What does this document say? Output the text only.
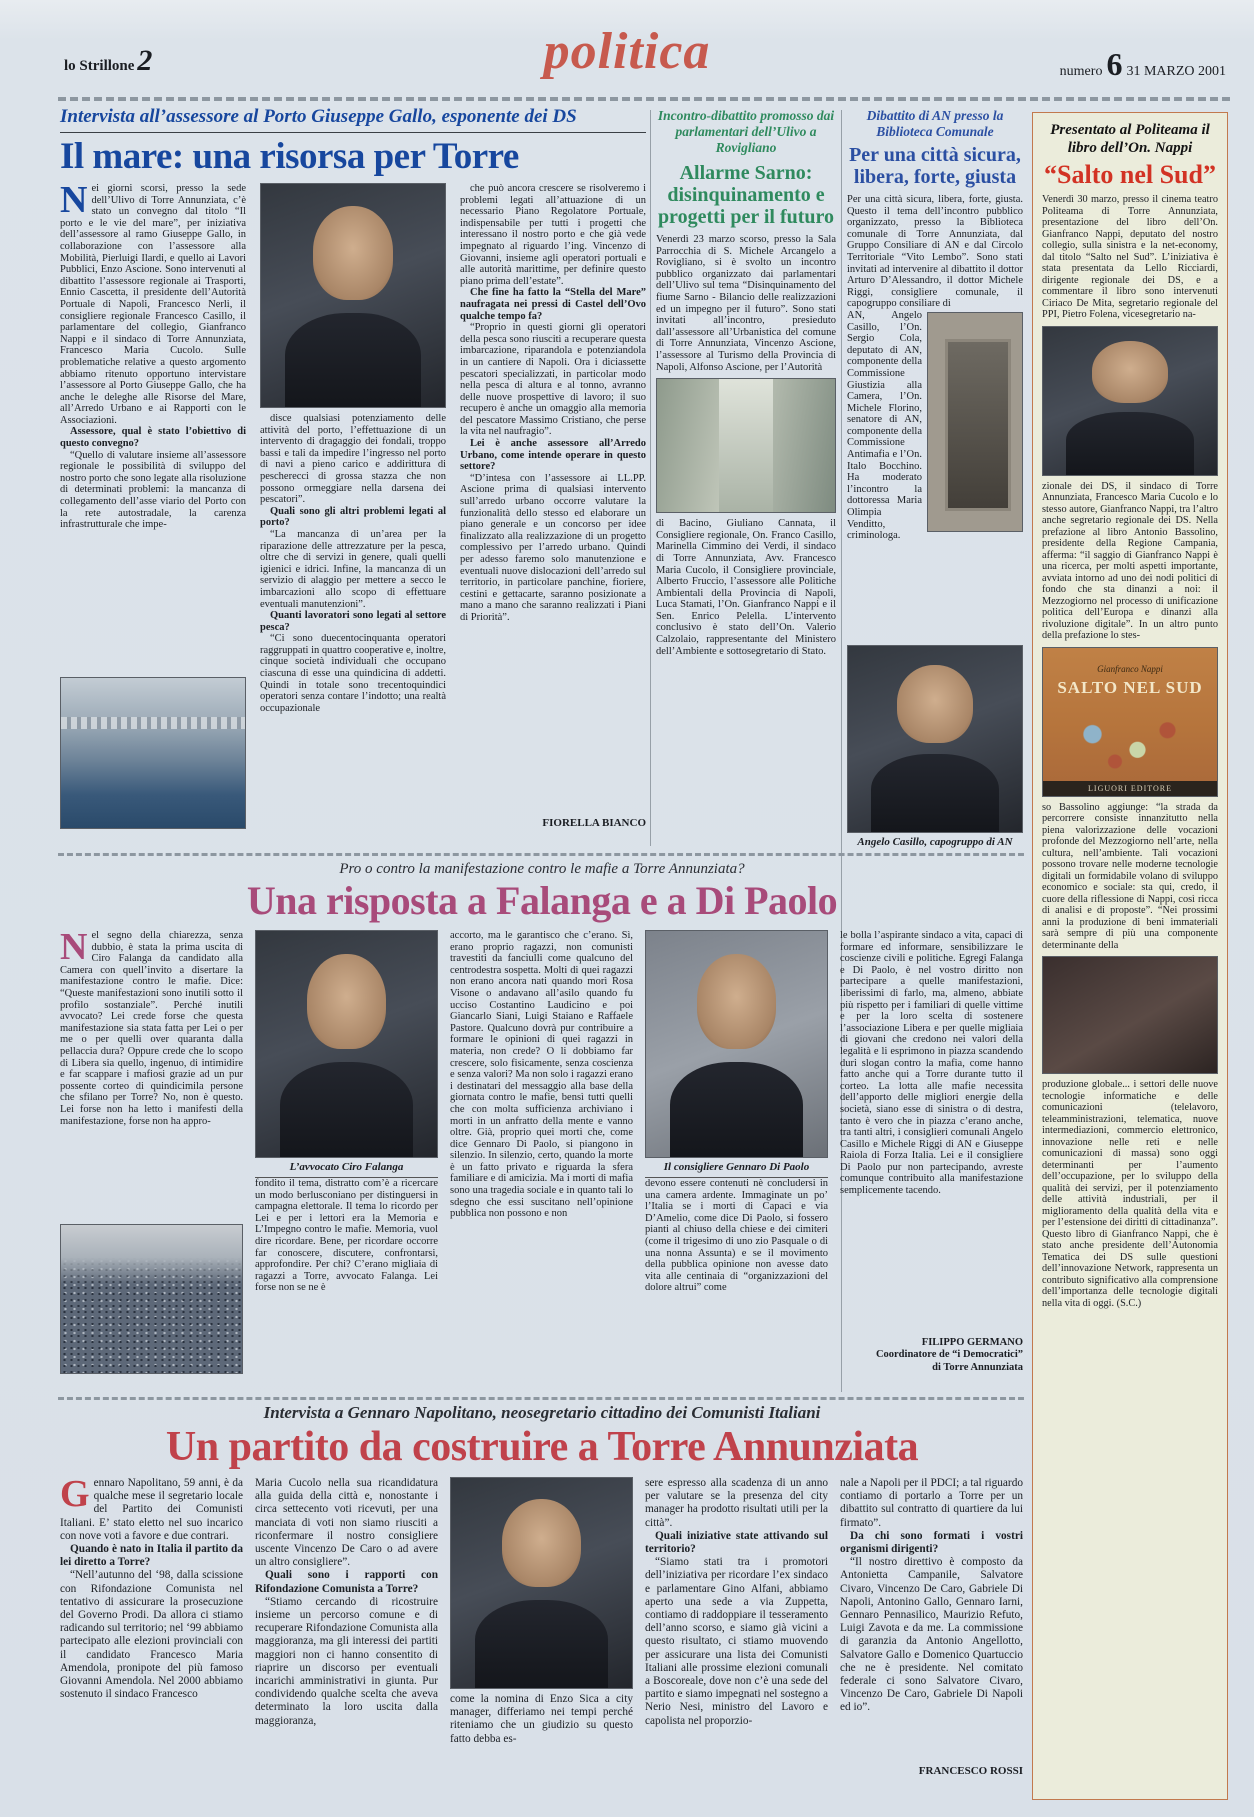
lo Strillone 2	politica	numero 6 31 MARZO 2001
Intervista all’assessore al Porto Giuseppe Gallo, esponente dei DS
Il mare: una risorsa per Torre

Nei giorni scorsi, presso la sede dell’Ulivo di Torre Annunziata, c’è stato un convegno dal titolo “Il porto e le vie del mare”, per iniziativa dell’assessore al ramo Giuseppe Gallo, in collaborazione con l’assessore alla Mobilità, Pierluigi Ilardi, e quello ai Lavori Pubblici, Enzo Ascione. Sono intervenuti al dibattito l’assessore regionale ai Trasporti, Ennio Cascetta, il presidente dell’Autorità Portuale di Napoli, Francesco Nerli, il consigliere regionale Francesco Casillo, il parlamentare del collegio, Gianfranco Nappi e il sindaco di Torre Annunziata, Francesco Maria Cucolo. Sulle problematiche relative a questo argomento abbiamo ritenuto opportuno intervistare l’assessore al Porto Giuseppe Gallo, che ha anche le deleghe alle Risorse del Mare, all’Arredo Urbano e ai Rapporti con le Associazioni.

Assessore, qual è stato l’obiettivo di questo convegno?

“Quello di valutare insieme all’assessore regionale le possibilità di sviluppo del nostro porto che sono legate alla risoluzione di determinati problemi: la mancanza di collegamento dell’asse viario del Porto con la rete autostradale, la carenza infrastrutturale che impe-

disce qualsiasi potenziamento delle attività del porto, l’effettuazione di un intervento di dragaggio dei fondali, troppo bassi e tali da impedire l’ingresso nel porto di navi a pieno carico e addirittura di pescherecci di grossa stazza che non possono ormeggiare nella darsena dei pescatori”.

Quali sono gli altri problemi legati al porto?

“La mancanza di un’area per la riparazione delle attrezzature per la pesca, oltre che di servizi in genere, quali quelli igienici e idrici. Infine, la mancanza di un servizio di alaggio per mettere a secco le imbarcazioni allo scopo di effettuare eventuali manutenzioni”.

Quanti lavoratori sono legati al settore pesca?

“Ci sono duecentocinquanta operatori raggruppati in quattro cooperative e, inoltre, cinque società individuali che occupano ciascuna di esse una quindicina di addetti. Quindi in totale sono trecentoquindici operatori senza contare l’indotto; una realtà occupazionale

che può ancora crescere se risolveremo i problemi legati all’attuazione di un necessario Piano Regolatore Portuale, indispensabile per tutti i progetti che interessano il nostro porto e che già vede impegnato al riguardo l’ing. Vincenzo di Giovanni, insieme agli operatori portuali e alle autorità marittime, per definire questo piano prima dell’estate”.

Che fine ha fatto la “Stella del Mare” naufragata nei pressi di Castel dell’Ovo qualche tempo fa?

“Proprio in questi giorni gli operatori della pesca sono riusciti a recuperare questa imbarcazione, riparandola e potenziandola in un cantiere di Napoli. Ora i diciassette pescatori specializzati, in particolar modo nella pesca di altura e al tonno, avranno delle nuove prospettive di lavoro; il suo recupero è anche un omaggio alla memoria del pescatore Massimo Cristiano, che perse la vita nel naufragio”.

Lei è anche assessore all’Arredo Urbano, come intende operare in questo settore?

“D’intesa con l’assessore ai LL.PP. Ascione prima di qualsiasi intervento sull’arredo urbano occorre valutare la funzionalità dello stesso ed elaborare un piano generale e un concorso per idee finalizzato alla realizzazione di un progetto complessivo per l’arredo urbano. Quindi per adesso faremo solo manutenzione e eventuali nuove dislocazioni dell’arredo sul territorio, in particolare panchine, fioriere, cestini e gettacarte, saranno posizionate a mano a mano che saranno realizzati i Piani di Priorità”.

FIORELLA BIANCO
Incontro-dibattito promosso dai parlamentari dell’Ulivo a Rovigliano
Allarme Sarno: disinquinamento e progetti per il futuro

Venerdì 23 marzo scorso, presso la Sala Parrocchia di S. Michele Arcangelo a Rovigliano, si è svolto un incontro pubblico organizzato dai parlamentari dell’Ulivo sul tema “Disinquinamento del fiume Sarno - Bilancio delle realizzazioni ed un impegno per il futuro”. Sono stati invitati all’incontro, presieduto dall’assessore all’Urbanistica del comune di Torre Annunziata, Vincenzo Ascione, l’assessore al Turismo della Provincia di Napoli, Alfonso Ascione, per l’Autorità

di Bacino, Giuliano Cannata, il Consigliere regionale, On. Franco Casillo, Marinella Cimmino dei Verdi, il sindaco di Torre Annunziata, Avv. Francesco Maria Cucolo, il Consigliere provinciale, Alberto Fruccio, l’assessore alle Politiche Ambientali della Provincia di Napoli, Luca Stamati, l’On. Gianfranco Nappi e il Sen. Enrico Pelella. L’intervento conclusivo è stato dell’On. Valerio Calzolaio, rappresentante del Ministero dell’Ambiente e sottosegretario di Stato.

Dibattito di AN presso la Biblioteca Comunale
Per una città sicura, libera, forte, giusta

Per una città sicura, libera, forte, giusta. Questo il tema dell’incontro pubblico organizzato, presso la Biblioteca comunale di Torre Annunziata, dal Gruppo Consiliare di AN e dal Circolo Territoriale “Vito Lembo”. Sono stati invitati ad intervenire al dibattito il dottor Arturo D’Alessandro, il dottor Michele Riggi, consigliere comunale, il capogruppo consiliare di

AN, Angelo Casillo, l’On. Sergio Cola, deputato di AN, componente della Commissione Giustizia alla Camera, l’On. Michele Florino, senatore di AN, componente della Commissione Antimafia e l’On. Italo Bocchino. Ha moderato l’incontro la dottoressa Maria Olimpia Venditto, criminologa.

Angelo Casillo, capogruppo di AN
Presentato al Politeama il libro dell’On. Nappi
“Salto nel Sud”

Venerdì 30 marzo, presso il cinema teatro Politeama di Torre Annunziata, presentazione del libro dell’On. Gianfranco Nappi, deputato del nostro collegio, sulla sinistra e la net-economy, dal titolo “Salto nel Sud”. L’iniziativa è stata presentata da Lello Ricciardi, dirigente regionale dei DS, e a commentare il libro sono intervenuti Ciriaco De Mita, segretario regionale del PPI, Pietro Folena, vicesegretario na-

zionale dei DS, il sindaco di Torre Annunziata, Francesco Maria Cucolo e lo stesso autore, Gianfranco Nappi, tra l’altro anche segretario regionale dei DS. Nella prefazione al libro Antonio Bassolino, presidente della Regione Campania, afferma: “il saggio di Gianfranco Nappi è una ricerca, per molti aspetti importante, avviata intorno ad uno dei nodi politici di fondo che sta dinanzi a noi: il Mezzogiorno nel processo di unificazione politica dell’Europa e dinanzi alla rivoluzione digitale”. In un altro punto della prefazione lo stes-

Gianfranco Nappi
SALTO NEL SUD
LIGUORI EDITORE

so Bassolino aggiunge: “la strada da percorrere consiste innanzitutto nella piena valorizzazione delle vocazioni profonde del Mezzogiorno nell’arte, nella cultura, nell’ambiente. Tali vocazioni possono trovare nelle moderne tecnologie digitali un formidabile volano di sviluppo economico e sociale: sta qui, credo, il cuore della riflessione di Nappi, così ricca di analisi e di proposte”. “Nei prossimi anni la produzione di beni immateriali sarà sempre di più una componente determinante della

produzione globale... i settori delle nuove tecnologie informatiche e delle comunicazioni (telelavoro, teleamministrazioni, telematica, nuove intermediazioni, commercio elettronico, innovazione nelle reti e nelle comunicazioni di massa) sono oggi determinanti per l’aumento dell’occupazione, per lo sviluppo della qualità dei servizi, per il potenziamento delle attività industriali, per il miglioramento della qualità della vita e per l’estensione dei diritti di cittadinanza”. Questo libro di Gianfranco Nappi, che è stato anche presidente dell’Autonomia Tematica dei DS sulle questioni dell’innovazione Network, rappresenta un contributo significativo alla comprensione dell’importanza delle tecnologie digitali nella vita di oggi. (S.C.)

Pro o contro la manifestazione contro le mafie a Torre Annunziata?
Una risposta a Falanga e a Di Paolo

Nel segno della chiarezza, senza dubbio, è stata la prima uscita di Ciro Falanga da candidato alla Camera con quell’invito a disertare la manifestazione contro le mafie. Dice: “Queste manifestazioni sono inutili sotto il profilo sostanziale”. Perché inutili avvocato? Lei crede forse che questa manifestazione sia stata fatta per Lei o per me o per quelli over quaranta dalla pellaccia dura? Oppure crede che lo scopo di Libera sia quello, ingenuo, di intimidire e far scappare i mafiosi grazie ad un pur possente corteo di quindicimila persone che sfilano per Torre? No, non è questo. Lei forse non ha letto i manifesti della manifestazione, forse non ha appro-

L’avvocato Ciro Falanga

fondito il tema, distratto com’è a ricercare un modo berlusconiano per distinguersi in campagna elettorale. Il tema lo ricordo per Lei e per i lettori era la Memoria e L’Impegno contro le mafie. Memoria, vuol dire ricordare. Bene, per ricordare occorre far conoscere, discutere, confrontarsi, approfondire. Per chi? C’erano migliaia di ragazzi a Torre, avvocato Falanga. Lei forse non se ne è

accorto, ma le garantisco che c’erano. Sì, erano proprio ragazzi, non comunisti travestiti da fanciulli come qualcuno del centrodestra sospetta. Molti di quei ragazzi non erano ancora nati quando morì Rosa Visone o andavano all’asilo quando fu ucciso Costantino Laudicino e poi Giancarlo Siani, Luigi Staiano e Raffaele Pastore. Qualcuno dovrà pur contribuire a formare le opinioni di quei ragazzi in materia, non crede? O li dobbiamo far crescere, solo fisicamente, senza coscienza e senza valori? Ma non solo i ragazzi erano i destinatari del messaggio alla base della giornata contro le mafie, bensì tutti quelli che con molta sufficienza archiviano i morti in un anfratto della mente e vanno oltre. Già, proprio quei morti che, come dice Gennaro Di Paolo, si piangono in silenzio. In silenzio, certo, quando la morte è un fatto privato e riguarda la sfera familiare e di amicizia. Ma i morti di mafia sono una tragedia sociale e in quanto tali lo sdegno che essi suscitano nell’opinione pubblica non possono e non

Il consigliere Gennaro Di Paolo

devono essere contenuti nè concludersi in una camera ardente. Immaginate un po’ l’Italia se i morti di Capaci e via D’Amelio, come dice Di Paolo, si fossero pianti al chiuso della chiese e dei cimiteri (come il trigesimo di uno zio Pasquale o di una nonna Assunta) e se il movimento della pubblica opinione non avesse dato vita alle centinaia di “organizzazioni del dolore altrui” come

le bolla l’aspirante sindaco a vita, capaci di formare ed informare, sensibilizzare le coscienze civili e politiche. Egregi Falanga e Di Paolo, è nel vostro diritto non partecipare a quelle manifestazioni, liberissimi di farlo, ma, almeno, abbiate più rispetto per i familiari di quelle vittime e per la loro scelta di sostenere l’associazione Libera e per quelle migliaia di giovani che credono nei valori della legalità e li esprimono in piazza scandendo duri slogan contro la mafia, come hanno fatto anche qui a Torre durante tutto il corteo. La lotta alle mafie necessita dell’apporto delle migliori energie della società, siano esse di sinistra o di destra, tanto è vero che in piazza c’erano anche, tra tanti altri, i consiglieri comunali Angelo Casillo e Michele Riggi di AN e Giuseppe Raiola di Forza Italia. Lei e il consigliere Di Paolo pur non partecipando, avreste comunque contribuito alla manifestazione semplicemente tacendo.

FILIPPO GERMANO
Coordinatore de “i Democratici”
di Torre Annunziata
Intervista a Gennaro Napolitano, neosegretario cittadino dei Comunisti Italiani
Un partito da costruire a Torre Annunziata

Gennaro Napolitano, 59 anni, è da qualche mese il segretario locale del Partito dei Comunisti Italiani. E’ stato eletto nel suo incarico con nove voti a favore e due contrari.

Quando è nato in Italia il partito da lei diretto a Torre?

“Nell’autunno del ‘98, dalla scissione con Rifondazione Comunista nel tentativo di assicurare la prosecuzione del Governo Prodi. Da allora ci stiamo radicando sul territorio; nel ‘99 abbiamo partecipato alle elezioni provinciali con il candidato Francesco Maria Amendola, pronipote del più famoso Giovanni Amendola. Nel 2000 abbiamo sostenuto il sindaco Francesco

Maria Cucolo nella sua ricandidatura alla guida della città e, nonostante i circa settecento voti ricevuti, per una manciata di voti non siamo riusciti a riconfermare il nostro consigliere uscente Vincenzo De Caro o ad avere un altro consigliere”.

Quali sono i rapporti con Rifondazione Comunista a Torre?

“Stiamo cercando di ricostruire insieme un percorso comune e di recuperare Rifondazione Comunista alla maggioranza, ma gli interessi dei partiti maggiori non ci hanno consentito di riaprire un discorso per eventuali incarichi amministrativi in giunta. Pur condividendo qualche scelta che aveva determinato la loro uscita dalla maggioranza,

come la nomina di Enzo Sica a city manager, differiamo nei tempi perché riteniamo che un giudizio su questo fatto debba es-

sere espresso alla scadenza di un anno per valutare se la presenza del city manager ha prodotto risultati utili per la città”.

Quali iniziative state attivando sul territorio?

“Siamo stati tra i promotori dell’iniziativa per ricordare l’ex sindaco e parlamentare Gino Alfani, abbiamo aperto una sede a via Zuppetta, contiamo di raddoppiare il tesseramento dell’anno scorso, e siamo già vicini a questo risultato, ci stiamo muovendo per assicurare una lista dei Comunisti Italiani alle prossime elezioni comunali a Boscoreale, dove non c’è una sede del partito e siamo impegnati nel sostegno a Nerio Nesi, ministro del Lavoro e capolista nel proporzio-

nale a Napoli per il PDCI; a tal riguardo contiamo di portarlo a Torre per un dibattito sul contratto di quartiere da lui firmato”.

Da chi sono formati i vostri organismi dirigenti?

“Il nostro direttivo è composto da Antonietta Campanile, Salvatore Civaro, Vincenzo De Caro, Gabriele Di Napoli, Antonino Gallo, Gennaro Iarni, Gennaro Pennasilico, Maurizio Refuto, Luigi Zavota e da me. La commissione di garanzia da Antonio Angellotto, Salvatore Gallo e Domenico Quartuccio che ne è presidente. Nel comitato federale ci sono Salvatore Civaro, Vincenzo De Caro, Gabriele Di Napoli ed io”.

FRANCESCO ROSSI
